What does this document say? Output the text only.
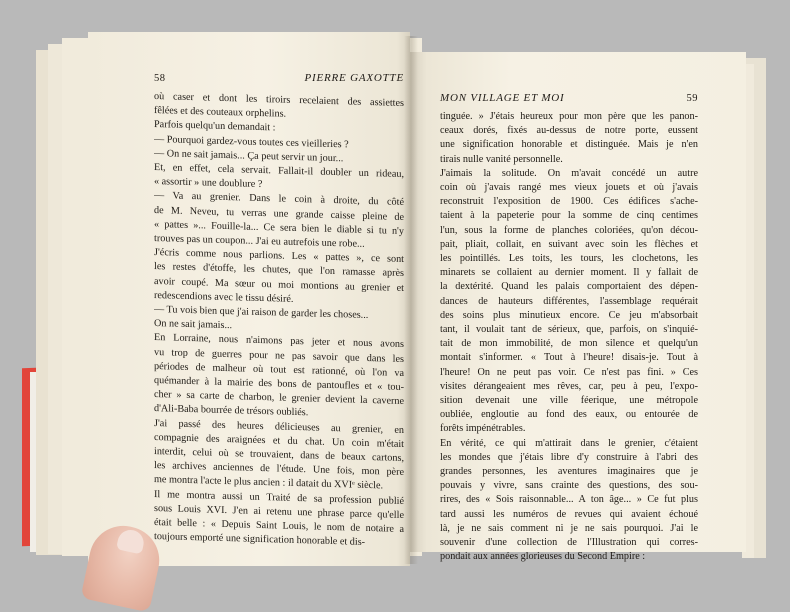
58	PIERRE GAXOTTE
où caser et dont les tiroirs recelaient des assiettes
fêlées et des couteaux orphelins.
Parfois quelqu'un demandait :
— Pourquoi gardez-vous toutes ces vieilleries ?
— On ne sait jamais... Ça peut servir un jour...
Et, en effet, cela servait. Fallait-il doubler un rideau,
« assortir » une doublure ?
— Va au grenier. Dans le coin à droite, du côté
de M. Neveu, tu verras une grande caisse pleine de
« pattes »... Fouille-la... Ce sera bien le diable si tu n'y
trouves pas un coupon... J'ai eu autrefois une robe...
J'écris comme nous parlions. Les « pattes », ce sont
les restes d'étoffe, les chutes, que l'on ramasse après
avoir coupé. Ma sœur ou moi montions au grenier et
redescendions avec le tissu désiré.
— Tu vois bien que j'ai raison de garder les choses...
On ne sait jamais...
En Lorraine, nous n'aimons pas jeter et nous avons
vu trop de guerres pour ne pas savoir que dans les
périodes de malheur où tout est rationné, où l'on va
quémander à la mairie des bons de pantoufles et « tou-
cher » sa carte de charbon, le grenier devient la caverne
d'Ali-Baba bourrée de trésors oubliés.
J'ai passé des heures délicieuses au grenier, en
compagnie des araignées et du chat. Un coin m'était
interdit, celui où se trouvaient, dans de beaux cartons,
les archives anciennes de l'étude. Une fois, mon père
me montra l'acte le plus ancien : il datait du XVIᵉ siècle.
Il me montra aussi un Traité de sa profession publié
sous Louis XVI. J'en ai retenu une phrase parce qu'elle
était belle : « Depuis Saint Louis, le nom de notaire a
toujours emporté une signification honorable et dis-
MON VILLAGE ET MOI	59
tinguée. » J'étais heureux pour mon père que les panon-
ceaux dorés, fixés au-dessus de notre porte, eussent
une signification honorable et distinguée. Mais je n'en
tirais nulle vanité personnelle.
J'aimais la solitude. On m'avait concédé un autre
coin où j'avais rangé mes vieux jouets et où j'avais
reconstruit l'exposition de 1900. Ces édifices s'ache-
taient à la papeterie pour la somme de cinq centimes
l'un, sous la forme de planches coloriées, qu'on décou-
pait, pliait, collait, en suivant avec soin les flèches et
les pointillés. Les toits, les tours, les clochetons, les
minarets se collaient au dernier moment. Il y fallait de
la dextérité. Quand les palais comportaient des dépen-
dances de hauteurs différentes, l'assemblage requérait
des soins plus minutieux encore. Ce jeu m'absorbait
tant, il voulait tant de sérieux, que, parfois, on s'inquié-
tait de mon immobilité, de mon silence et quelqu'un
montait s'informer. « Tout à l'heure! disais-je. Tout à
l'heure! On ne peut pas voir. Ce n'est pas fini. » Ces
visites dérangeaient mes rêves, car, peu à peu, l'expo-
sition devenait une ville féerique, une métropole
oubliée, engloutie au fond des eaux, ou entourée de
forêts impénétrables.
En vérité, ce qui m'attirait dans le grenier, c'étaient
les mondes que j'étais libre d'y construire à l'abri des
grandes personnes, les aventures imaginaires que je
pouvais y vivre, sans crainte des questions, des sou-
rires, des « Sois raisonnable... A ton âge... » Ce fut plus
tard aussi les numéros de revues qui avaient échoué
là, je ne sais comment ni je ne sais pourquoi. J'ai le
souvenir d'une collection de l'Illustration qui corres-
pondait aux années glorieuses du Second Empire :
